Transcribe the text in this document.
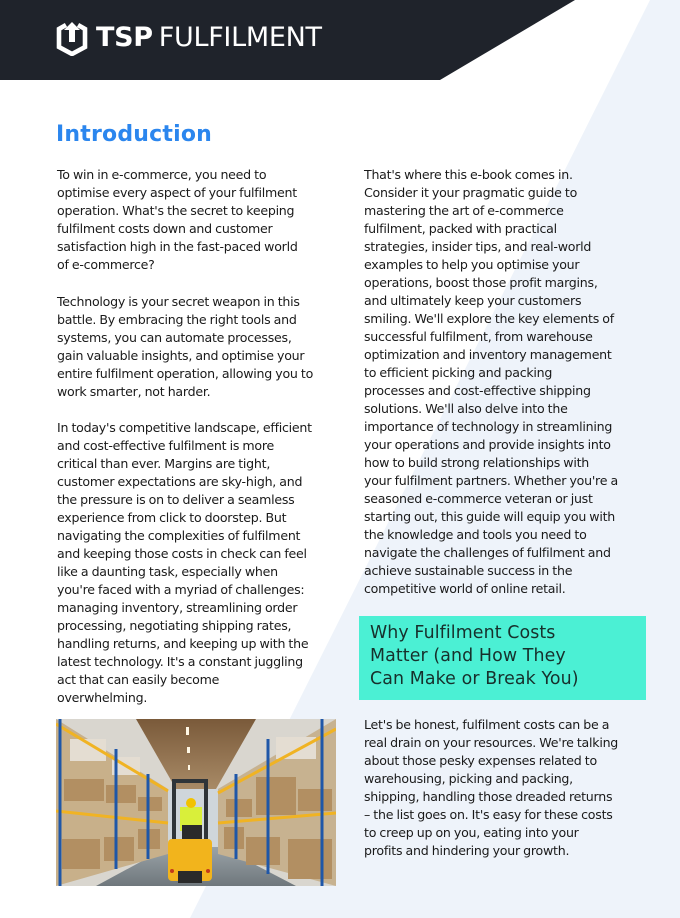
TSP FULFILMENT
Introduction
To win in e-commerce, you need to
optimise every aspect of your fulfilment
operation. What's the secret to keeping
fulfilment costs down and customer
satisfaction high in the fast-paced world
of e-commerce?
Technology is your secret weapon in this
battle. By embracing the right tools and
systems, you can automate processes,
gain valuable insights, and optimise your
entire fulfilment operation, allowing you to
work smarter, not harder.
In today's competitive landscape, efficient
and cost-effective fulfilment is more
critical than ever. Margins are tight,
customer expectations are sky-high, and
the pressure is on to deliver a seamless
experience from click to doorstep. But
navigating the complexities of fulfilment
and keeping those costs in check can feel
like a daunting task, especially when
you're faced with a myriad of challenges:
managing inventory, streamlining order
processing, negotiating shipping rates,
handling returns, and keeping up with the
latest technology. It's a constant juggling
act that can easily become
overwhelming.
That's where this e-book comes in.
Consider it your pragmatic guide to
mastering the art of e-commerce
fulfilment, packed with practical
strategies, insider tips, and real-world
examples to help you optimise your
operations, boost those profit margins,
and ultimately keep your customers
smiling. We'll explore the key elements of
successful fulfilment, from warehouse
optimization and inventory management
to efficient picking and packing
processes and cost-effective shipping
solutions. We'll also delve into the
importance of technology in streamlining
your operations and provide insights into
how to build strong relationships with
your fulfilment partners. Whether you're a
seasoned e-commerce veteran or just
starting out, this guide will equip you with
the knowledge and tools you need to
navigate the challenges of fulfilment and
achieve sustainable success in the
competitive world of online retail.
Why Fulfilment Costs
Matter (and How They
Can Make or Break You)
Let's be honest, fulfilment costs can be a
real drain on your resources. We're talking
about those pesky expenses related to
warehousing, picking and packing,
shipping, handling those dreaded returns
– the list goes on. It's easy for these costs
to creep up on you, eating into your
profits and hindering your growth.
